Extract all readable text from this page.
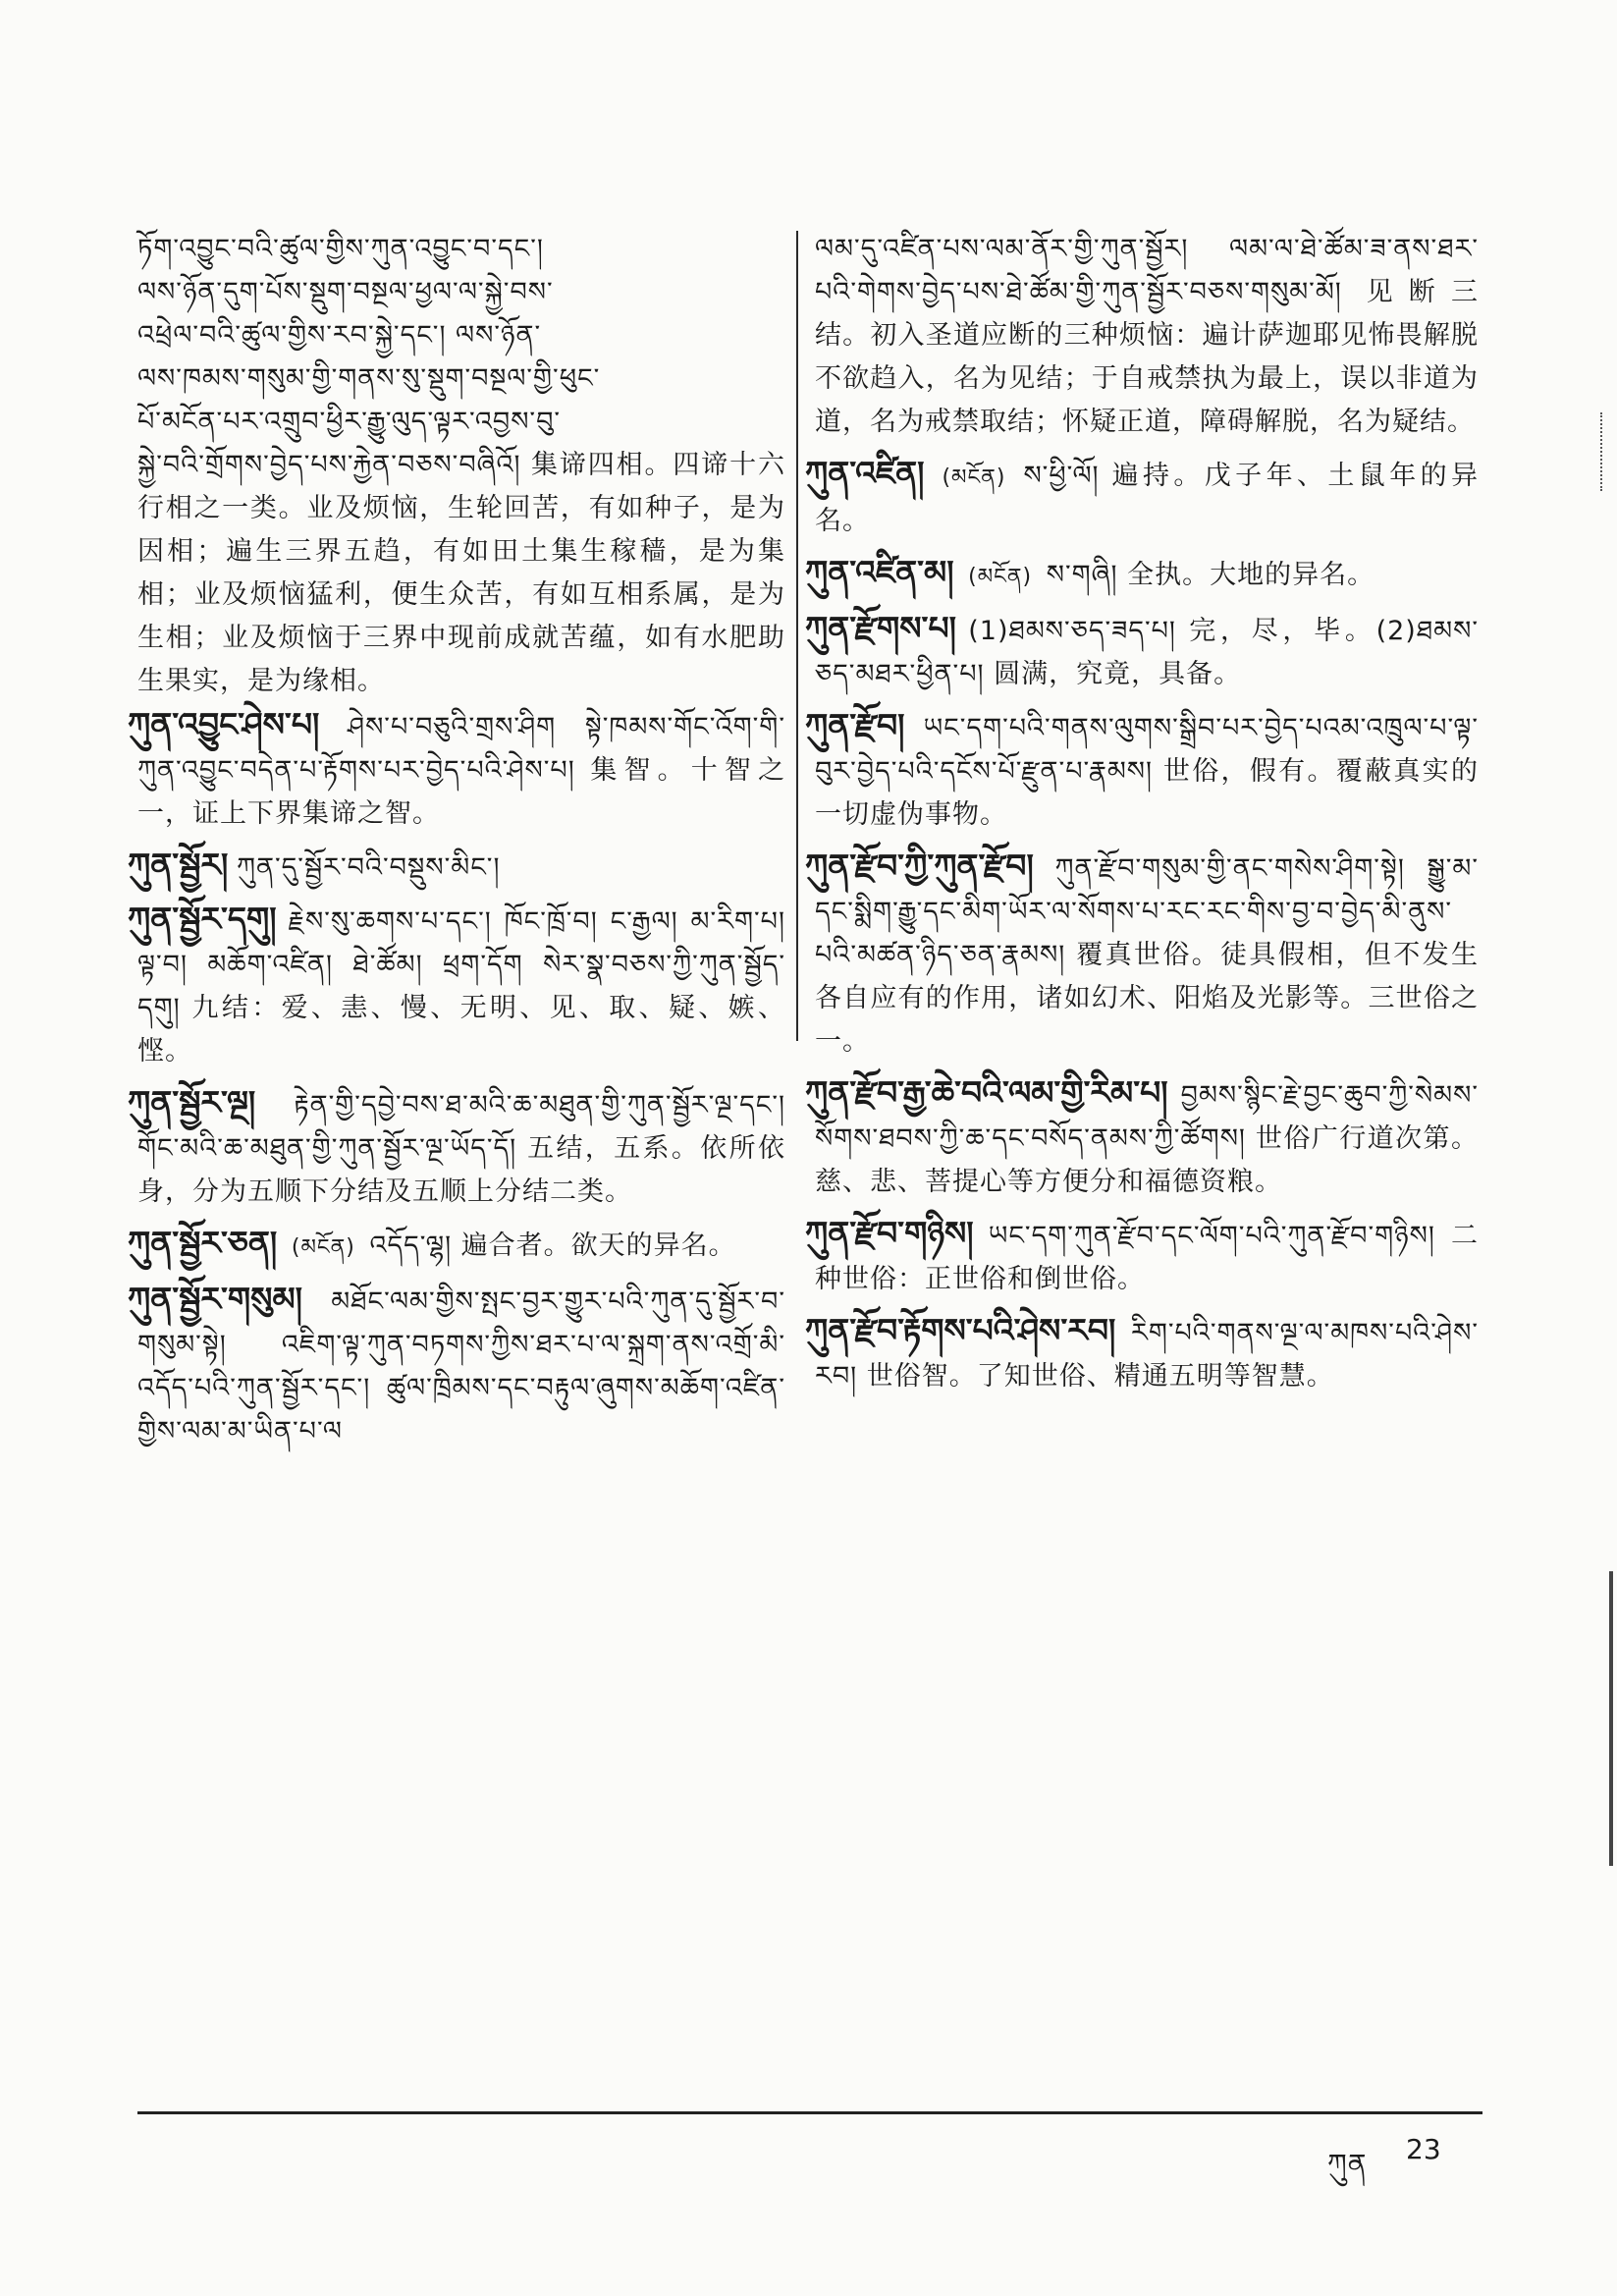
ཏོག་འབྱུང་བའི་ཚུལ་གྱིས་ཀུན་འབྱུང་བ་དང་།
ལས་ཉོན་དུག་པོས་སྡུག་བསྔལ་ཕྱལ་ལ་སྐྱེ་བས་
འཕྲེལ་བའི་ཚུལ་གྱིས་རབ་སྐྱེ་དང་། ལས་ཉོན་
ལས་ཁམས་གསུམ་གྱི་གནས་སུ་སྡུག་བསྔལ་གྱི་ཕུང་
པོ་མངོན་པར་འགྲུབ་ཕྱིར་རྒྱུ་ལུད་ལྟར་འབྱས་བུ་
སྐྱེ་བའི་གྲོགས་བྱེད་པས་རྐྱེན་བཅས་བཞིའོ། 集谛四相。四谛十六行相之一类。业及烦恼，生轮回苦，有如种子，是为因相；遍生三界五趋，有如田土集生稼穑，是为集相；业及烦恼猛利，便生众苦，有如互相系属，是为生相；业及烦恼于三界中现前成就苦蕴，如有水肥助生果实，是为缘相。
ཀུན་འབྱུང་ཤེས་པ། ཤེས་པ་བཅུའི་གྲས་ཤིག སྟེ་ཁམས་གོང་འོག་གི་ཀུན་འབྱུང་བདེན་པ་རྟོགས་པར་བྱེད་པའི་ཤེས་པ། 集智。十智之一，证上下界集谛之智。
ཀུན་སྦྱོར། ཀུན་དུ་སྦྱོར་བའི་བསྡུས་མིང་།
ཀུན་སྦྱོར་དགུ། རྗེས་སུ་ཆགས་པ་དང་། ཁོང་ཁྲོ་བ། ང་རྒྱལ། མ་རིག་པ། ལྟ་བ། མཆོག་འཛིན། ཐེ་ཚོམ། ཕྲག་དོག སེར་སྣ་བཅས་ཀྱི་ཀུན་སྦྱོད་དགུ། 九结：爱、恚、慢、无明、见、取、疑、嫉、悭。
ཀུན་སྦྱོར་ལྔ། རྟེན་གྱི་དབྱེ་བས་ཐ་མའི་ཆ་མཐུན་གྱི་ཀུན་སྦྱོར་ལྔ་དང་། གོང་མའི་ཆ་མཐུན་གྱི་ཀུན་སྦྱོར་ལྔ་ཡོད་དོ། 五结，五系。依所依身，分为五顺下分结及五顺上分结二类。
ཀུན་སྦྱོར་ཅན། (མངོན) འདོད་ལྷ། 遍合者。欲天的异名。
ཀུན་སྦྱོར་གསུམ། མཐོང་ལམ་གྱིས་སྤང་བྱར་གྱུར་པའི་ཀུན་དུ་སྦྱོར་བ་གསུམ་སྟེ། འཇིག་ལྟ་ཀུན་བཏགས་ཀྱིས་ཐར་པ་ལ་སྐྲག་ནས་འགྲོ་མི་འདོད་པའི་ཀུན་སྦྱོར་དང་། ཚུལ་ཁྲིམས་དང་བརྟུལ་ཞུགས་མཆོག་འཛིན་གྱིས་ལམ་མ་ཡིན་པ་ལ
ལམ་དུ་འཛིན་པས་ལམ་ནོར་གྱི་ཀུན་སྦྱོར། ལམ་ལ་ཐེ་ཚོམ་ཟ་ནས་ཐར་པའི་གེགས་བྱེད་པས་ཐེ་ཚོམ་གྱི་ཀུན་སྦྱོར་བཅས་གསུམ་མོ། 见断三结。初入圣道应断的三种烦恼：遍计萨迦耶见怖畏解脱不欲趋入，名为见结；于自戒禁执为最上，误以非道为道，名为戒禁取结；怀疑正道，障碍解脱，名为疑结。
ཀུན་འཛིན། (མངོན) ས་ཕྱི་ལོ། 遍持。戊子年、土鼠年的异名。
ཀུན་འཛིན་མ། (མངོན) ས་གཞི། 全执。大地的异名。
ཀུན་རྫོགས་པ། (1)ཐམས་ཅད་ཟད་པ། 完，尽，毕。(2)ཐམས་ཅད་མཐར་ཕྱིན་པ། 圆满，究竟，具备。
ཀུན་རྫོབ། ཡང་དག་པའི་གནས་ལུགས་སྒྲིབ་པར་བྱེད་པའམ་འཁྲུལ་པ་ལྟ་བུར་བྱེད་པའི་དངོས་པོ་རྫུན་པ་རྣམས། 世俗，假有。覆蔽真实的一切虚伪事物。
ཀུན་རྫོབ་ཀྱི་ཀུན་རྫོབ། ཀུན་རྫོབ་གསུམ་གྱི་ནང་གསེས་ཤིག་སྟེ། སྒྱུ་མ་དང་སྨིག་རྒྱུ་དང་མིག་ཡོར་ལ་སོགས་པ་རང་རང་གིས་བྱ་བ་བྱེད་མི་ནུས་པའི་མཚན་ཉིད་ཅན་རྣམས། 覆真世俗。徒具假相，但不发生各自应有的作用，诸如幻术、阳焰及光影等。三世俗之一。
ཀུན་རྫོབ་རྒྱ་ཆེ་བའི་ལམ་གྱི་རིམ་པ། བྱམས་སྙིང་རྗེ་བྱང་ཆུབ་ཀྱི་སེམས་སོགས་ཐབས་ཀྱི་ཆ་དང་བསོད་ནམས་ཀྱི་ཚོགས། 世俗广行道次第。慈、悲、菩提心等方便分和福德资粮。
ཀུན་རྫོབ་གཉིས། ཡང་དག་ཀུན་རྫོབ་དང་ལོག་པའི་ཀུན་རྫོབ་གཉིས། 二种世俗：正世俗和倒世俗。
ཀུན་རྫོབ་རྟོགས་པའི་ཤེས་རབ། རིག་པའི་གནས་ལྔ་ལ་མཁས་པའི་ཤེས་རབ། 世俗智。了知世俗、精通五明等智慧。
ཀུན 23
